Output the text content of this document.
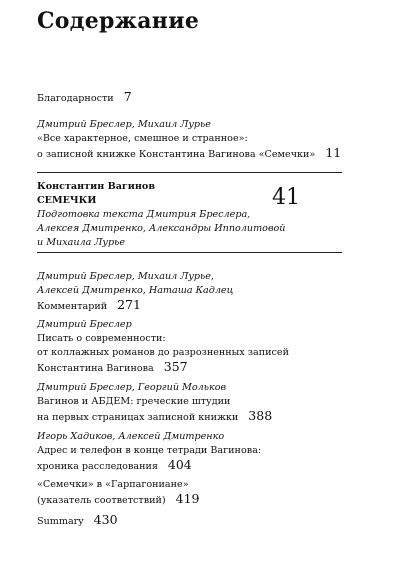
Содержание
Благодарности 7
Дмитрий Бреслер, Михаил Лурье
«Все характерное, смешное и странное»:
о записной книжке Константина Вагинова «Семечки» 11
Константин Вагинов
СЕМЕЧКИ
Подготовка текста Дмитрия Бреслера,
Алексея Дмитренко, Александры Ипполитовой
и Михаила Лурье
41
Дмитрий Бреслер, Михаил Лурье,
Алексей Дмитренко, Наташа Кадлец
Комментарий 271
Дмитрий Бреслер
Писать о современности:
от коллажных романов до разрозненных записей
Константина Вагинова 357
Дмитрий Бреслер, Георгий Мольков
Вагинов и АБДЕМ: греческие штудии
на первых страницах записной книжки 388
Игорь Хадиков, Алексей Дмитренко
Адрес и телефон в конце тетради Вагинова:
хроника расследования 404
«Семечки» в «Гарпагониане»
(указатель соответствий) 419
Summary 430
